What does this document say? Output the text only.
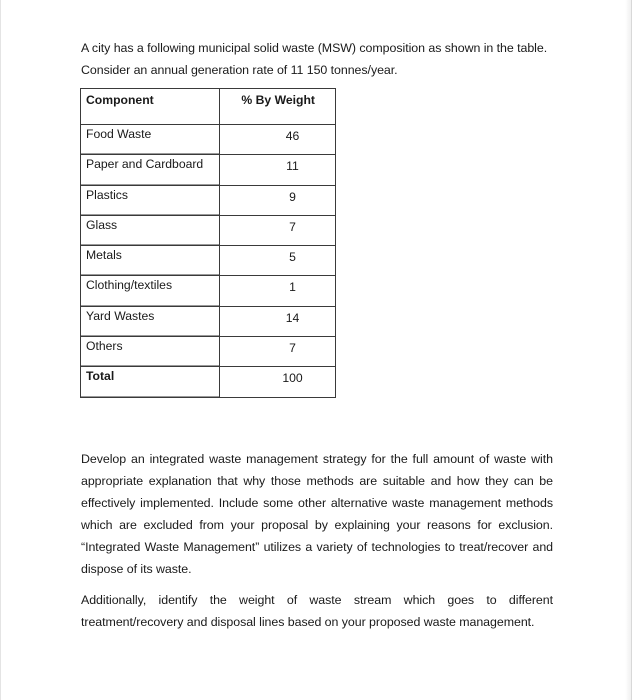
A city has a following municipal solid waste (MSW) composition as shown in the table.

Consider an annual generation rate of 11 150 tonnes/year.

Component	% By Weight
Food Waste	46
Paper and Cardboard	11
Plastics	9
Glass	7
Metals	5
Clothing/textiles	1
Yard Wastes	14
Others	7
Total	100

Develop an integrated waste management strategy for the full amount of waste with appropriate explanation that why those methods are suitable and how they can be effectively implemented. Include some other alternative waste management methods which are excluded from your proposal by explaining your reasons for exclusion. “Integrated Waste Management” utilizes a variety of technologies to treat/recover and dispose of its waste.

Additionally, identify the weight of waste stream which goes to different treatment/recovery and disposal lines based on your proposed waste management.
